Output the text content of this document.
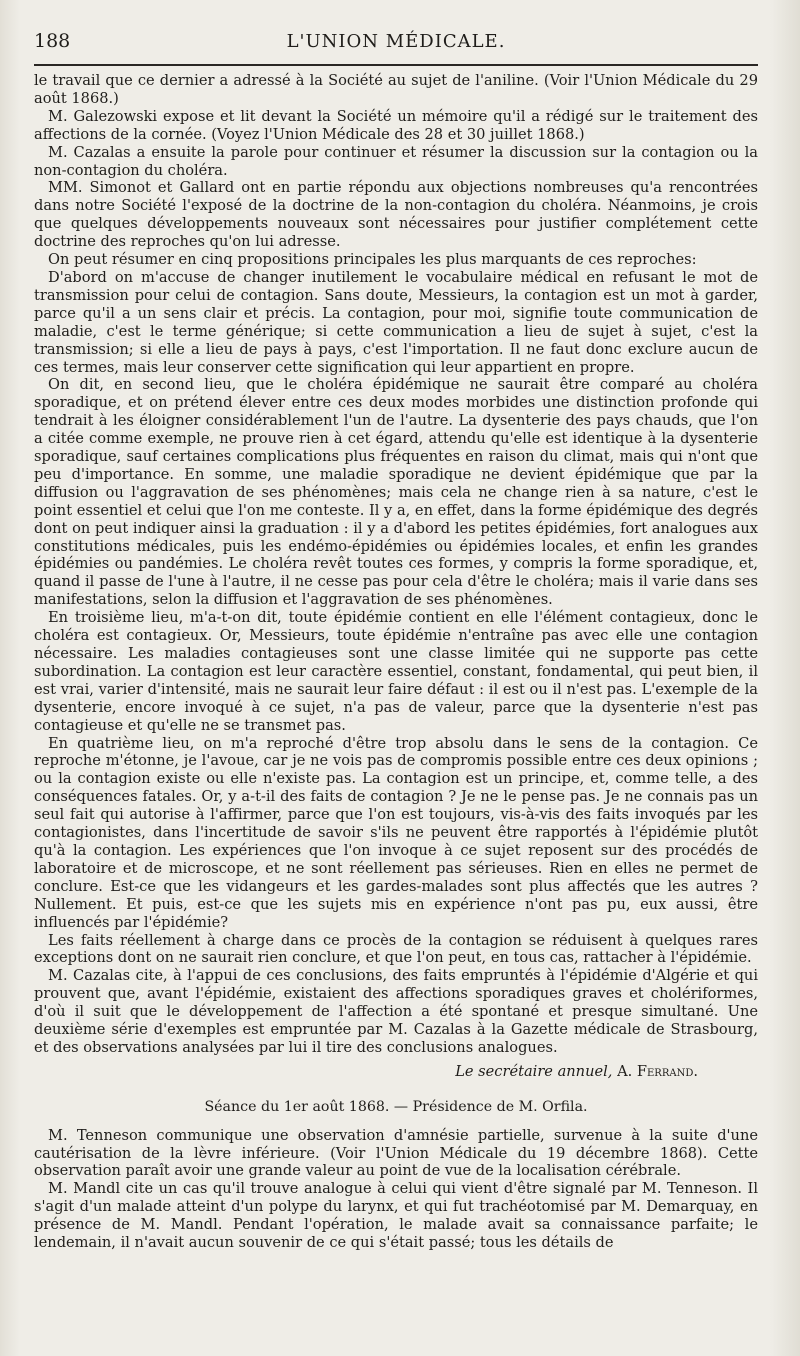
188	L'UNION MÉDICALE.

le travail que ce dernier a adressé à la Société au sujet de l'aniline. (Voir l'Union Médicale du 29 août 1868.)

M. Galezowski expose et lit devant la Société un mémoire qu'il a rédigé sur le traitement des affections de la cornée. (Voyez l'Union Médicale des 28 et 30 juillet 1868.)

M. Cazalas a ensuite la parole pour continuer et résumer la discussion sur la contagion ou la non-contagion du choléra.

MM. Simonot et Gallard ont en partie répondu aux objections nombreuses qu'a rencontrées dans notre Société l'exposé de la doctrine de la non-contagion du choléra. Néanmoins, je crois que quelques développements nouveaux sont nécessaires pour justifier complétement cette doctrine des reproches qu'on lui adresse.

On peut résumer en cinq propositions principales les plus marquants de ces reproches:

D'abord on m'accuse de changer inutilement le vocabulaire médical en refusant le mot de transmission pour celui de contagion. Sans doute, Messieurs, la contagion est un mot à garder, parce qu'il a un sens clair et précis. La contagion, pour moi, signifie toute communication de maladie, c'est le terme générique; si cette communication a lieu de sujet à sujet, c'est la transmission; si elle a lieu de pays à pays, c'est l'importation. Il ne faut donc exclure aucun de ces termes, mais leur conserver cette signification qui leur appartient en propre.

On dit, en second lieu, que le choléra épidémique ne saurait être comparé au choléra sporadique, et on prétend élever entre ces deux modes morbides une distinction profonde qui tendrait à les éloigner considérablement l'un de l'autre. La dysenterie des pays chauds, que l'on a citée comme exemple, ne prouve rien à cet égard, attendu qu'elle est identique à la dysenterie sporadique, sauf certaines complications plus fréquentes en raison du climat, mais qui n'ont que peu d'importance. En somme, une maladie sporadique ne devient épidémique que par la diffusion ou l'aggravation de ses phénomènes; mais cela ne change rien à sa nature, c'est le point essentiel et celui que l'on me conteste. Il y a, en effet, dans la forme épidémique des degrés dont on peut indiquer ainsi la graduation : il y a d'abord les petites épidémies, fort analogues aux constitutions médicales, puis les endémo-épidémies ou épidémies locales, et enfin les grandes épidémies ou pandémies. Le choléra revêt toutes ces formes, y compris la forme sporadique, et, quand il passe de l'une à l'autre, il ne cesse pas pour cela d'être le choléra; mais il varie dans ses manifestations, selon la diffusion et l'aggravation de ses phénomènes.

En troisième lieu, m'a-t-on dit, toute épidémie contient en elle l'élément contagieux, donc le choléra est contagieux. Or, Messieurs, toute épidémie n'entraîne pas avec elle une contagion nécessaire. Les maladies contagieuses sont une classe limitée qui ne supporte pas cette subordination. La contagion est leur caractère essentiel, constant, fondamental, qui peut bien, il est vrai, varier d'intensité, mais ne saurait leur faire défaut : il est ou il n'est pas. L'exemple de la dysenterie, encore invoqué à ce sujet, n'a pas de valeur, parce que la dysenterie n'est pas contagieuse et qu'elle ne se transmet pas.

En quatrième lieu, on m'a reproché d'être trop absolu dans le sens de la contagion. Ce reproche m'étonne, je l'avoue, car je ne vois pas de compromis possible entre ces deux opinions ; ou la contagion existe ou elle n'existe pas. La contagion est un principe, et, comme telle, a des conséquences fatales. Or, y a-t-il des faits de contagion ? Je ne le pense pas. Je ne connais pas un seul fait qui autorise à l'affirmer, parce que l'on est toujours, vis-à-vis des faits invoqués par les contagionistes, dans l'incertitude de savoir s'ils ne peuvent être rapportés à l'épidémie plutôt qu'à la contagion. Les expériences que l'on invoque à ce sujet reposent sur des procédés de laboratoire et de microscope, et ne sont réellement pas sérieuses. Rien en elles ne permet de conclure. Est-ce que les vidangeurs et les gardes-malades sont plus affectés que les autres ? Nullement. Et puis, est-ce que les sujets mis en expérience n'ont pas pu, eux aussi, être influencés par l'épidémie?

Les faits réellement à charge dans ce procès de la contagion se réduisent à quelques rares exceptions dont on ne saurait rien conclure, et que l'on peut, en tous cas, rattacher à l'épidémie.

M. Cazalas cite, à l'appui de ces conclusions, des faits empruntés à l'épidémie d'Algérie et qui prouvent que, avant l'épidémie, existaient des affections sporadiques graves et cholériformes, d'où il suit que le développement de l'affection a été spontané et presque simultané. Une deuxième série d'exemples est empruntée par M. Cazalas à la Gazette médicale de Strasbourg, et des observations analysées par lui il tire des conclusions analogues.

Le secrétaire annuel, A. Ferrand.
Séance du 1er août 1868. — Présidence de M. Orfila.

M. Tenneson communique une observation d'amnésie partielle, survenue à la suite d'une cautérisation de la lèvre inférieure. (Voir l'Union Médicale du 19 décembre 1868). Cette observation paraît avoir une grande valeur au point de vue de la localisation cérébrale.

M. Mandl cite un cas qu'il trouve analogue à celui qui vient d'être signalé par M. Tenneson. Il s'agit d'un malade atteint d'un polype du larynx, et qui fut trachéotomisé par M. Demarquay, en présence de M. Mandl. Pendant l'opération, le malade avait sa connaissance parfaite; le lendemain, il n'avait aucun souvenir de ce qui s'était passé; tous les détails de
